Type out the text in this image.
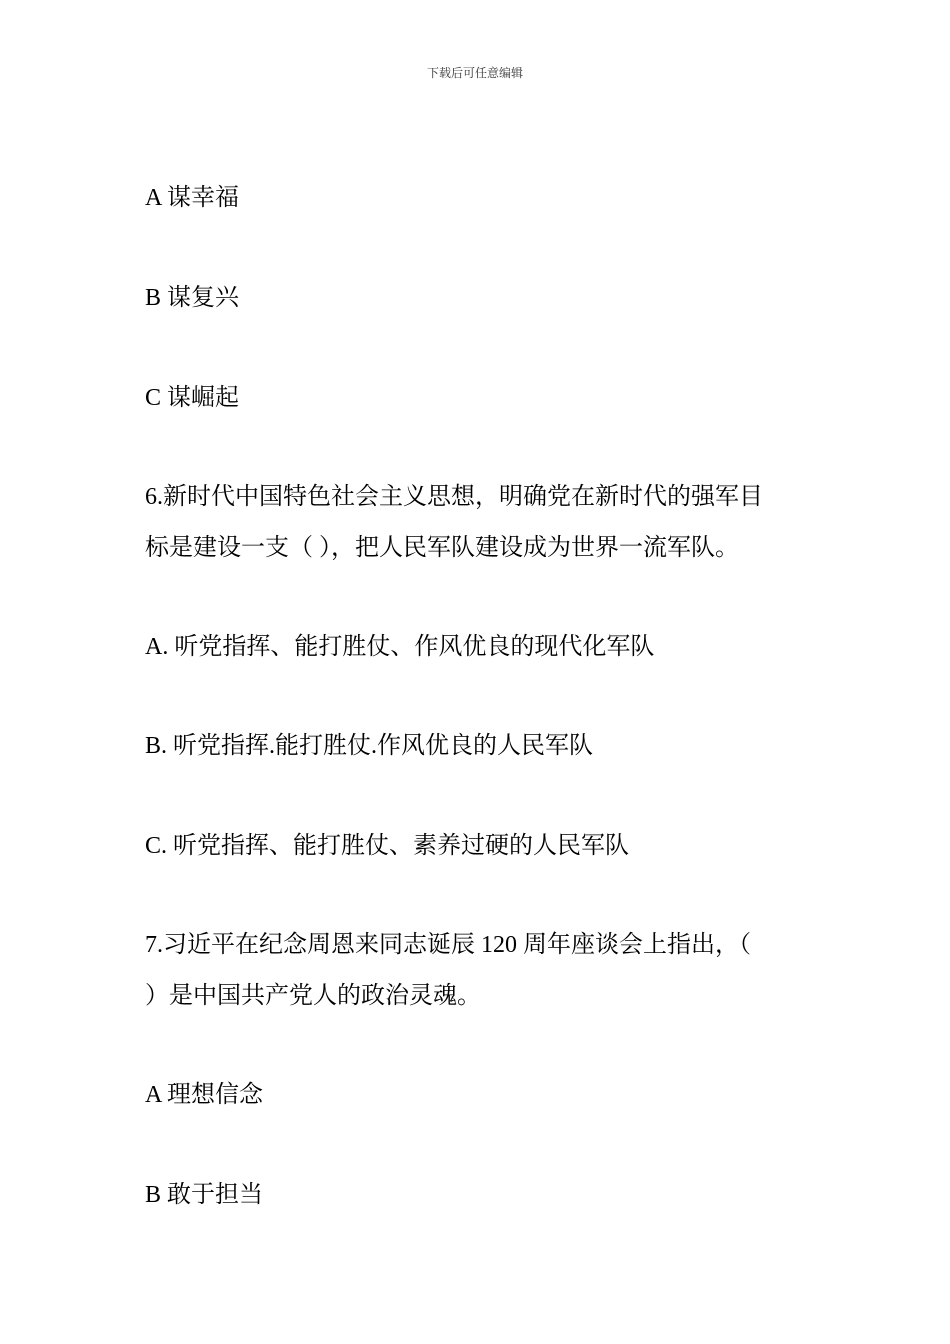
下载后可任意编辑
A 谋幸福
B 谋复兴
C 谋崛起
6.新时代中国特色社会主义思想，明确党在新时代的强军目
标是建设一支（ ），把人民军队建设成为世界一流军队。
A. 听党指挥、能打胜仗、作风优良的现代化军队
B. 听党指挥.能打胜仗.作风优良的人民军队
C. 听党指挥、能打胜仗、素养过硬的人民军队
7.习近平在纪念周恩来同志诞辰 120 周年座谈会上指出，（
）是中国共产党人的政治灵魂。
A 理想信念
B 敢于担当
